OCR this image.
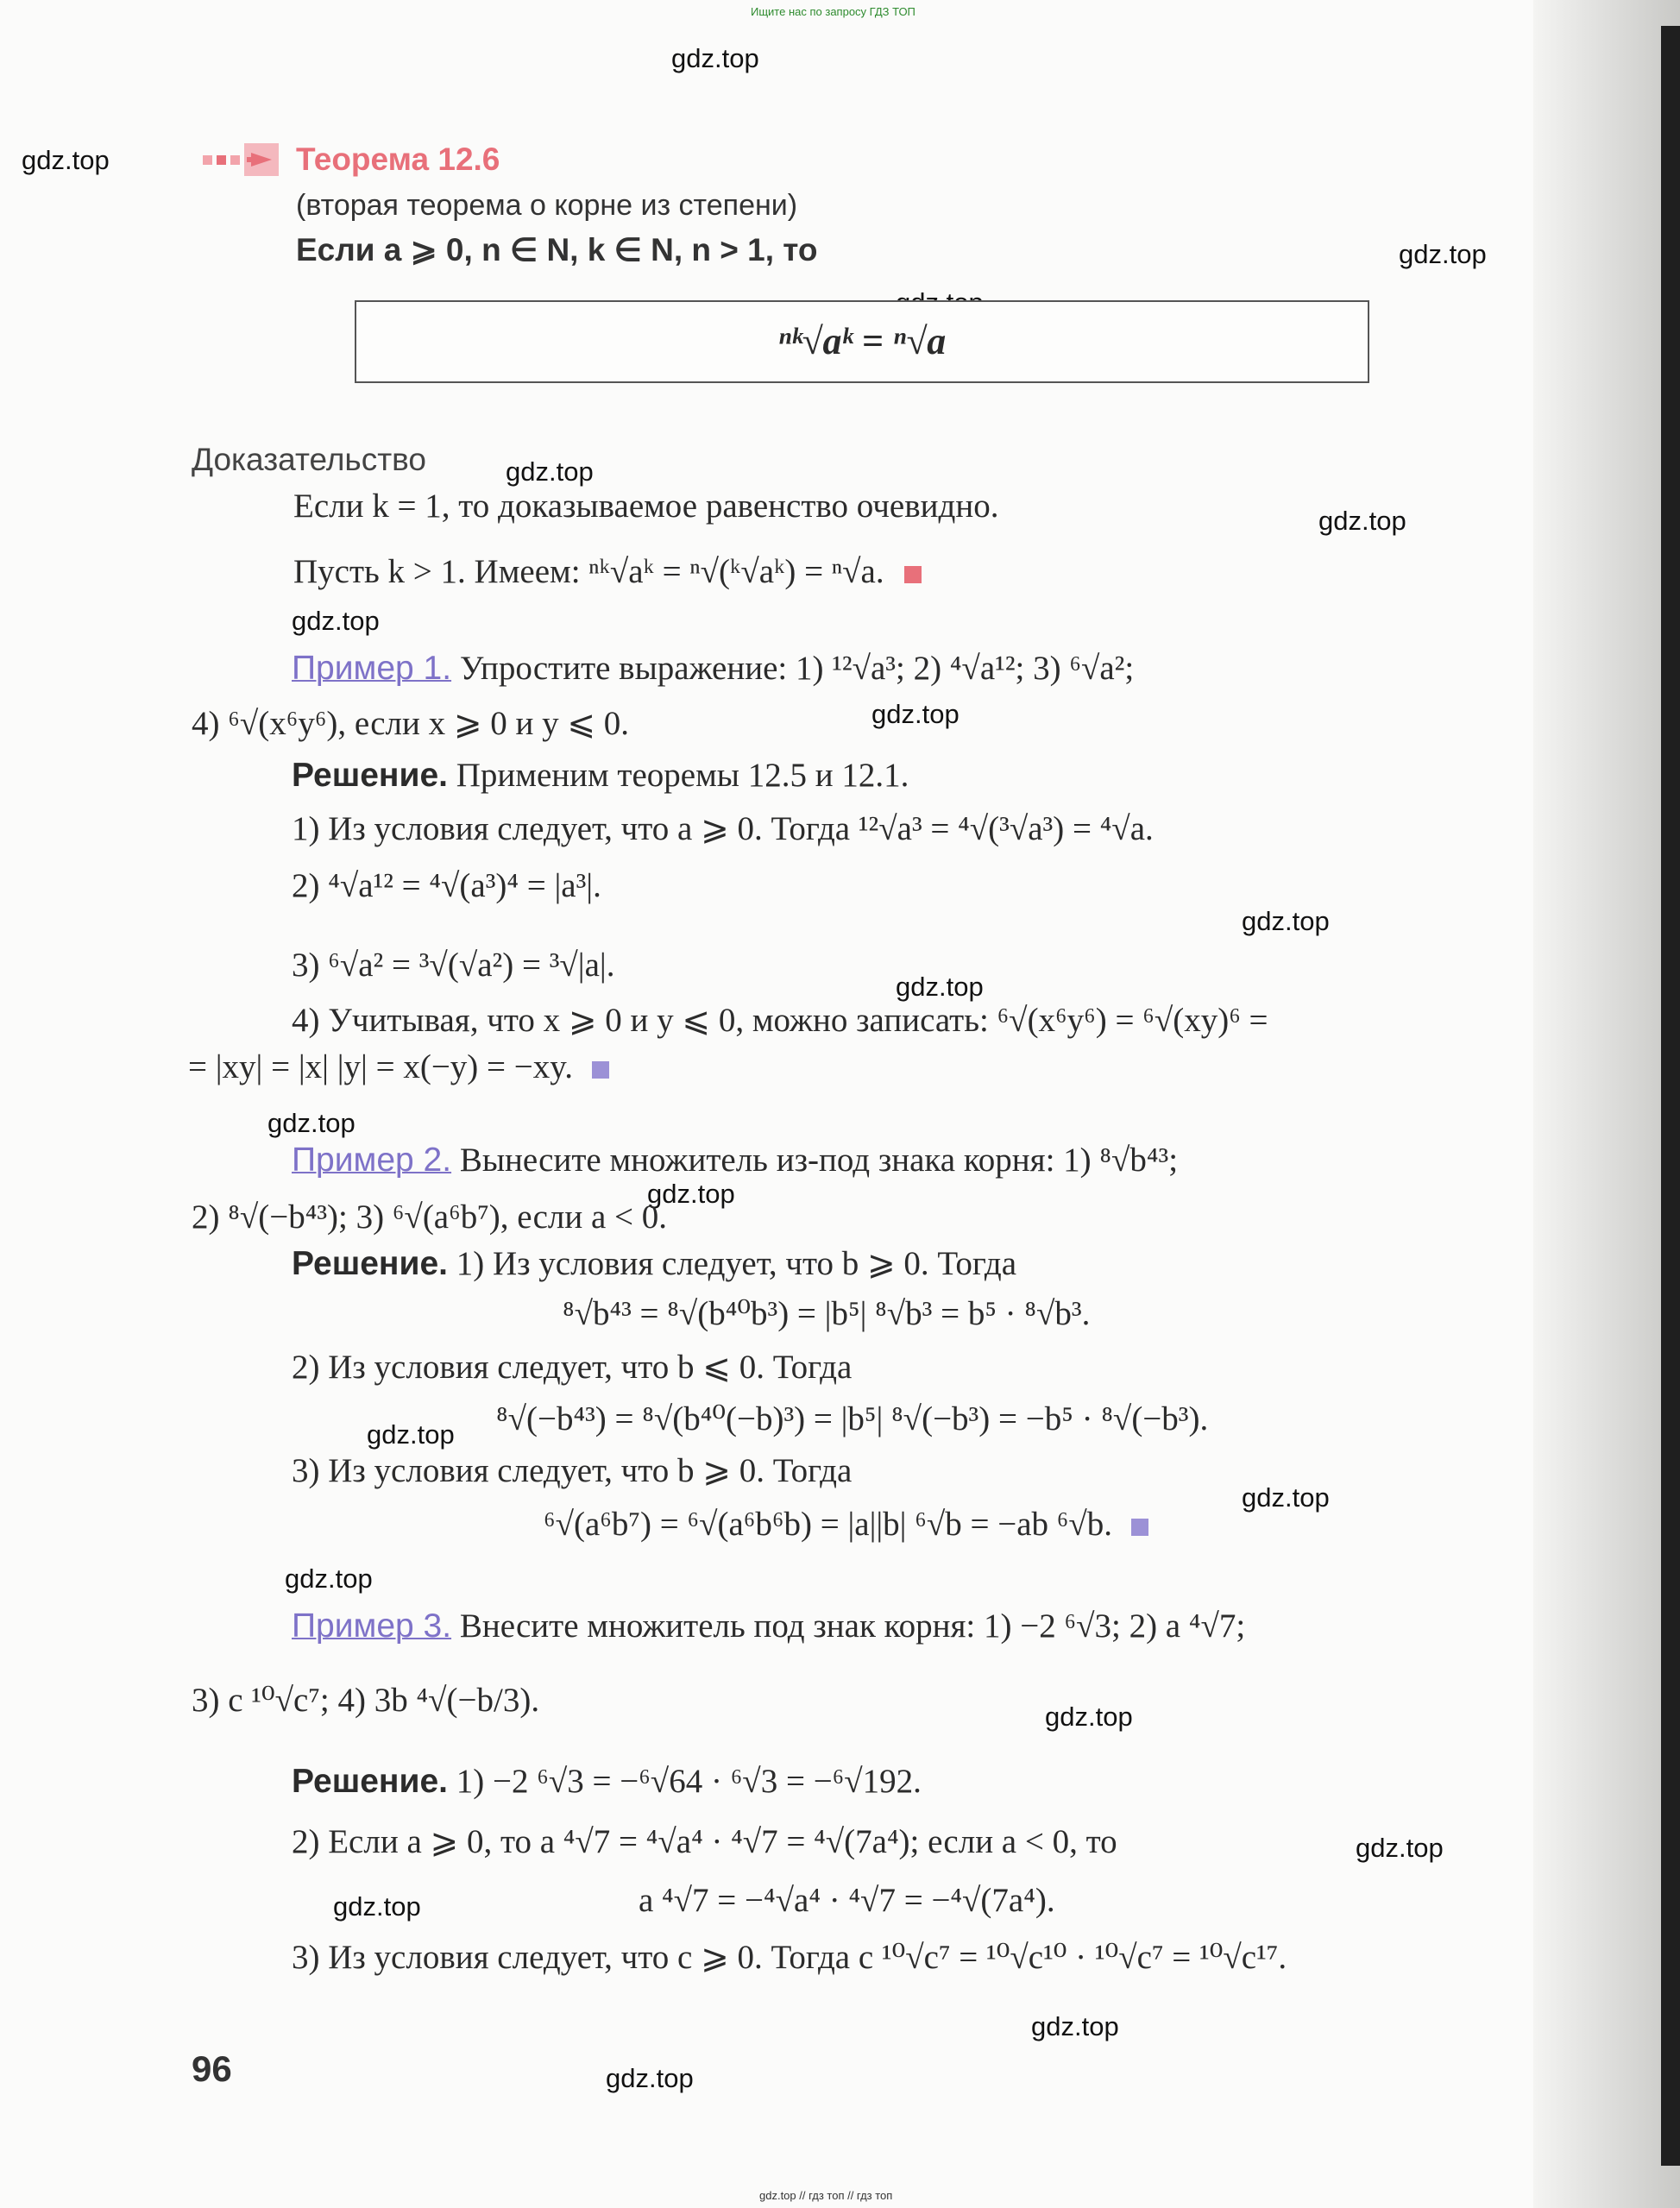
Ищите нас по запросу ГДЗ ТОП
gdz.top
gdz.top
gdz.top
gdz.top
gdz.top
gdz.top
gdz.top
gdz.top
gdz.top
gdz.top
gdz.top
gdz.top
gdz.top
gdz.top
gdz.top
gdz.top
gdz.top
gdz.top
gdz.top
Теорема 12.6
(вторая теорема о корне из степени)
Если a ⩾ 0, n ∈ N, k ∈ N, n > 1, то
ⁿᵏ√aᵏ = ⁿ√a
Доказательство
Если k = 1, то доказываемое равенство очевидно.
Пусть k > 1. Имеем: ⁿᵏ√aᵏ = ⁿ√(ᵏ√aᵏ) = ⁿ√a.
Пример 1. Упростите выражение: 1) ¹²√a³; 2) ⁴√a¹²; 3) ⁶√a²;
4) ⁶√(x⁶y⁶), если x ⩾ 0 и y ⩽ 0.
Решение. Применим теоремы 12.5 и 12.1.
1) Из условия следует, что a ⩾ 0. Тогда ¹²√a³ = ⁴√(³√a³) = ⁴√a.
2) ⁴√a¹² = ⁴√(a³)⁴ = |a³|.
3) ⁶√a² = ³√(√a²) = ³√|a|.
4) Учитывая, что x ⩾ 0 и y ⩽ 0, можно записать: ⁶√(x⁶y⁶) = ⁶√(xy)⁶ =
= |xy| = |x| |y| = x(−y) = −xy.
Пример 2. Вынесите множитель из-под знака корня: 1) ⁸√b⁴³;
2) ⁸√(−b⁴³); 3) ⁶√(a⁶b⁷), если a < 0.
Решение. 1) Из условия следует, что b ⩾ 0. Тогда
⁸√b⁴³ = ⁸√(b⁴⁰b³) = |b⁵| ⁸√b³ = b⁵ · ⁸√b³.
2) Из условия следует, что b ⩽ 0. Тогда
⁸√(−b⁴³) = ⁸√(b⁴⁰(−b)³) = |b⁵| ⁸√(−b³) = −b⁵ · ⁸√(−b³).
3) Из условия следует, что b ⩾ 0. Тогда
⁶√(a⁶b⁷) = ⁶√(a⁶b⁶b) = |a||b| ⁶√b = −ab ⁶√b.
Пример 3. Внесите множитель под знак корня: 1) −2 ⁶√3; 2) a ⁴√7;
3) c ¹⁰√c⁷; 4) 3b ⁴√(−b/3).
Решение. 1) −2 ⁶√3 = −⁶√64 · ⁶√3 = −⁶√192.
2) Если a ⩾ 0, то a ⁴√7 = ⁴√a⁴ · ⁴√7 = ⁴√(7a⁴); если a < 0, то
a ⁴√7 = −⁴√a⁴ · ⁴√7 = −⁴√(7a⁴).
3) Из условия следует, что c ⩾ 0. Тогда c ¹⁰√c⁷ = ¹⁰√c¹⁰ · ¹⁰√c⁷ = ¹⁰√c¹⁷.
96
gdz.top // гдз топ // гдз топ
